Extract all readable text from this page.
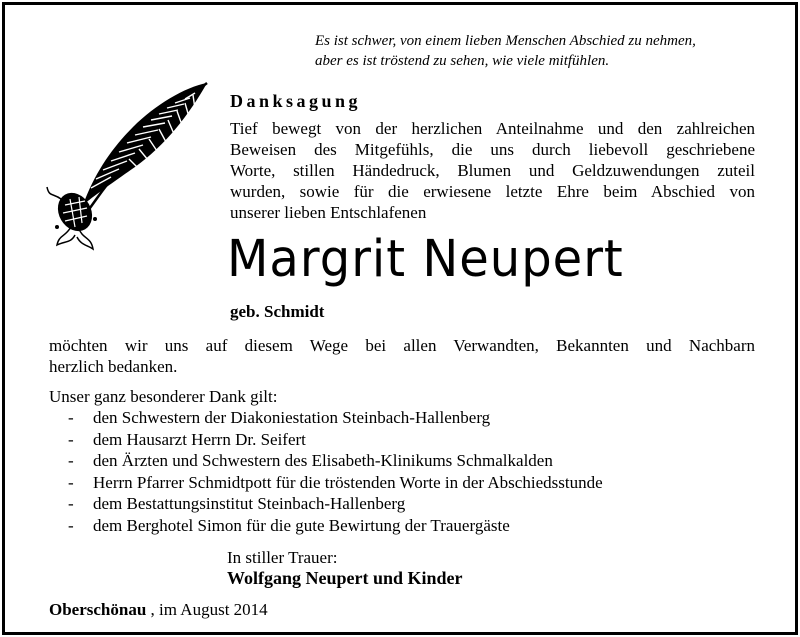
Es ist schwer, von einem lieben Menschen Abschied zu nehmen,
aber es ist tröstend zu sehen, wie viele mitfühlen.
Danksagung
Tief bewegt von der herzlichen Anteilnahme und den zahlreichen
Beweisen des Mitgefühls, die uns durch liebevoll geschriebene
Worte, stillen Händedruck, Blumen und Geldzuwendungen zuteil
wurden, sowie für die erwiesene letzte Ehre beim Abschied von
unserer lieben Entschlafenen
Margrit Neupert
geb. Schmidt
möchten wir uns auf diesem Wege bei allen Verwandten, Bekannten und Nachbarn
herzlich bedanken.
Unser ganz besonderer Dank gilt:
- den Schwestern der Diakoniestation Steinbach-Hallenberg
- dem Hausarzt Herrn Dr. Seifert
- den Ärzten und Schwestern des Elisabeth-Klinikums Schmalkalden
- Herrn Pfarrer Schmidtpott für die tröstenden Worte in der Abschiedsstunde
- dem Bestattungsinstitut Steinbach-Hallenberg
- dem Berghotel Simon für die gute Bewirtung der Trauergäste
In stiller Trauer:
Wolfgang Neupert und Kinder
Oberschönau , im August 2014
